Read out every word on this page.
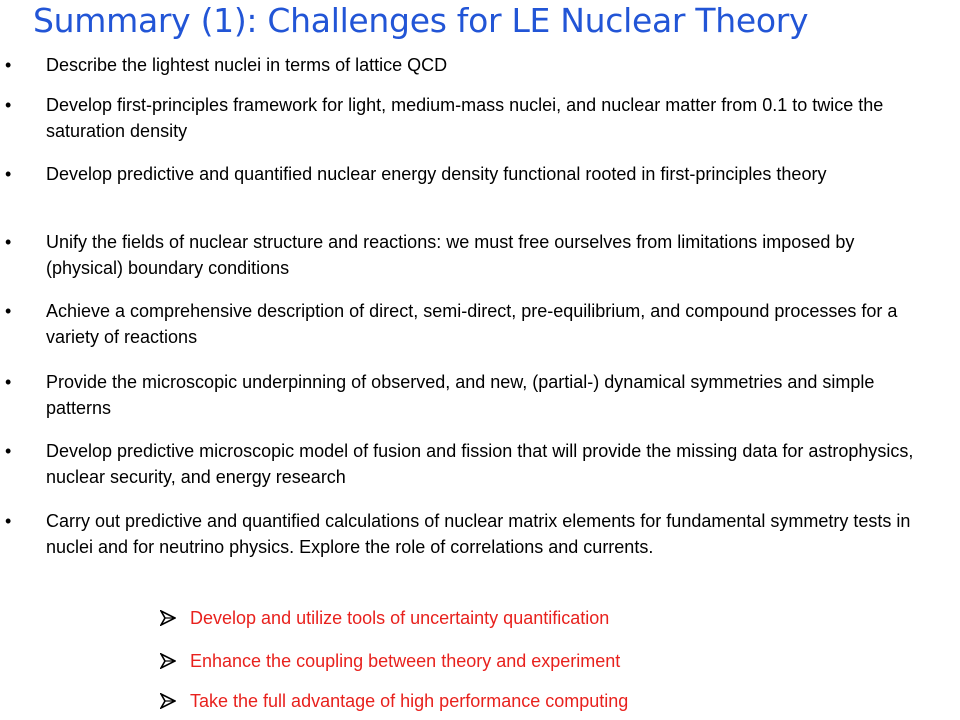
Summary (1): Challenges for LE Nuclear Theory
• Describe the lightest nuclei in terms of lattice QCD
• Develop first-principles framework for light, medium-mass nuclei, and nuclear matter from 0.1 to twice the saturation density
• Develop predictive and quantified nuclear energy density functional rooted in first-principles theory
• Unify the fields of nuclear structure and reactions: we must free ourselves from limitations imposed by (physical) boundary conditions
• Achieve a comprehensive description of direct, semi-direct, pre-equilibrium, and compound processes for a variety of reactions
• Provide the microscopic underpinning of observed, and new, (partial-) dynamical symmetries and simple patterns
• Develop predictive microscopic model of fusion and fission that will provide the missing data for astrophysics, nuclear security, and energy research
• Carry out predictive and quantified calculations of nuclear matrix elements for fundamental symmetry tests in nuclei and for neutrino physics. Explore the role of correlations and currents.
Develop and utilize tools of uncertainty quantification
Enhance the coupling between theory and experiment
Take the full advantage of high performance computing
